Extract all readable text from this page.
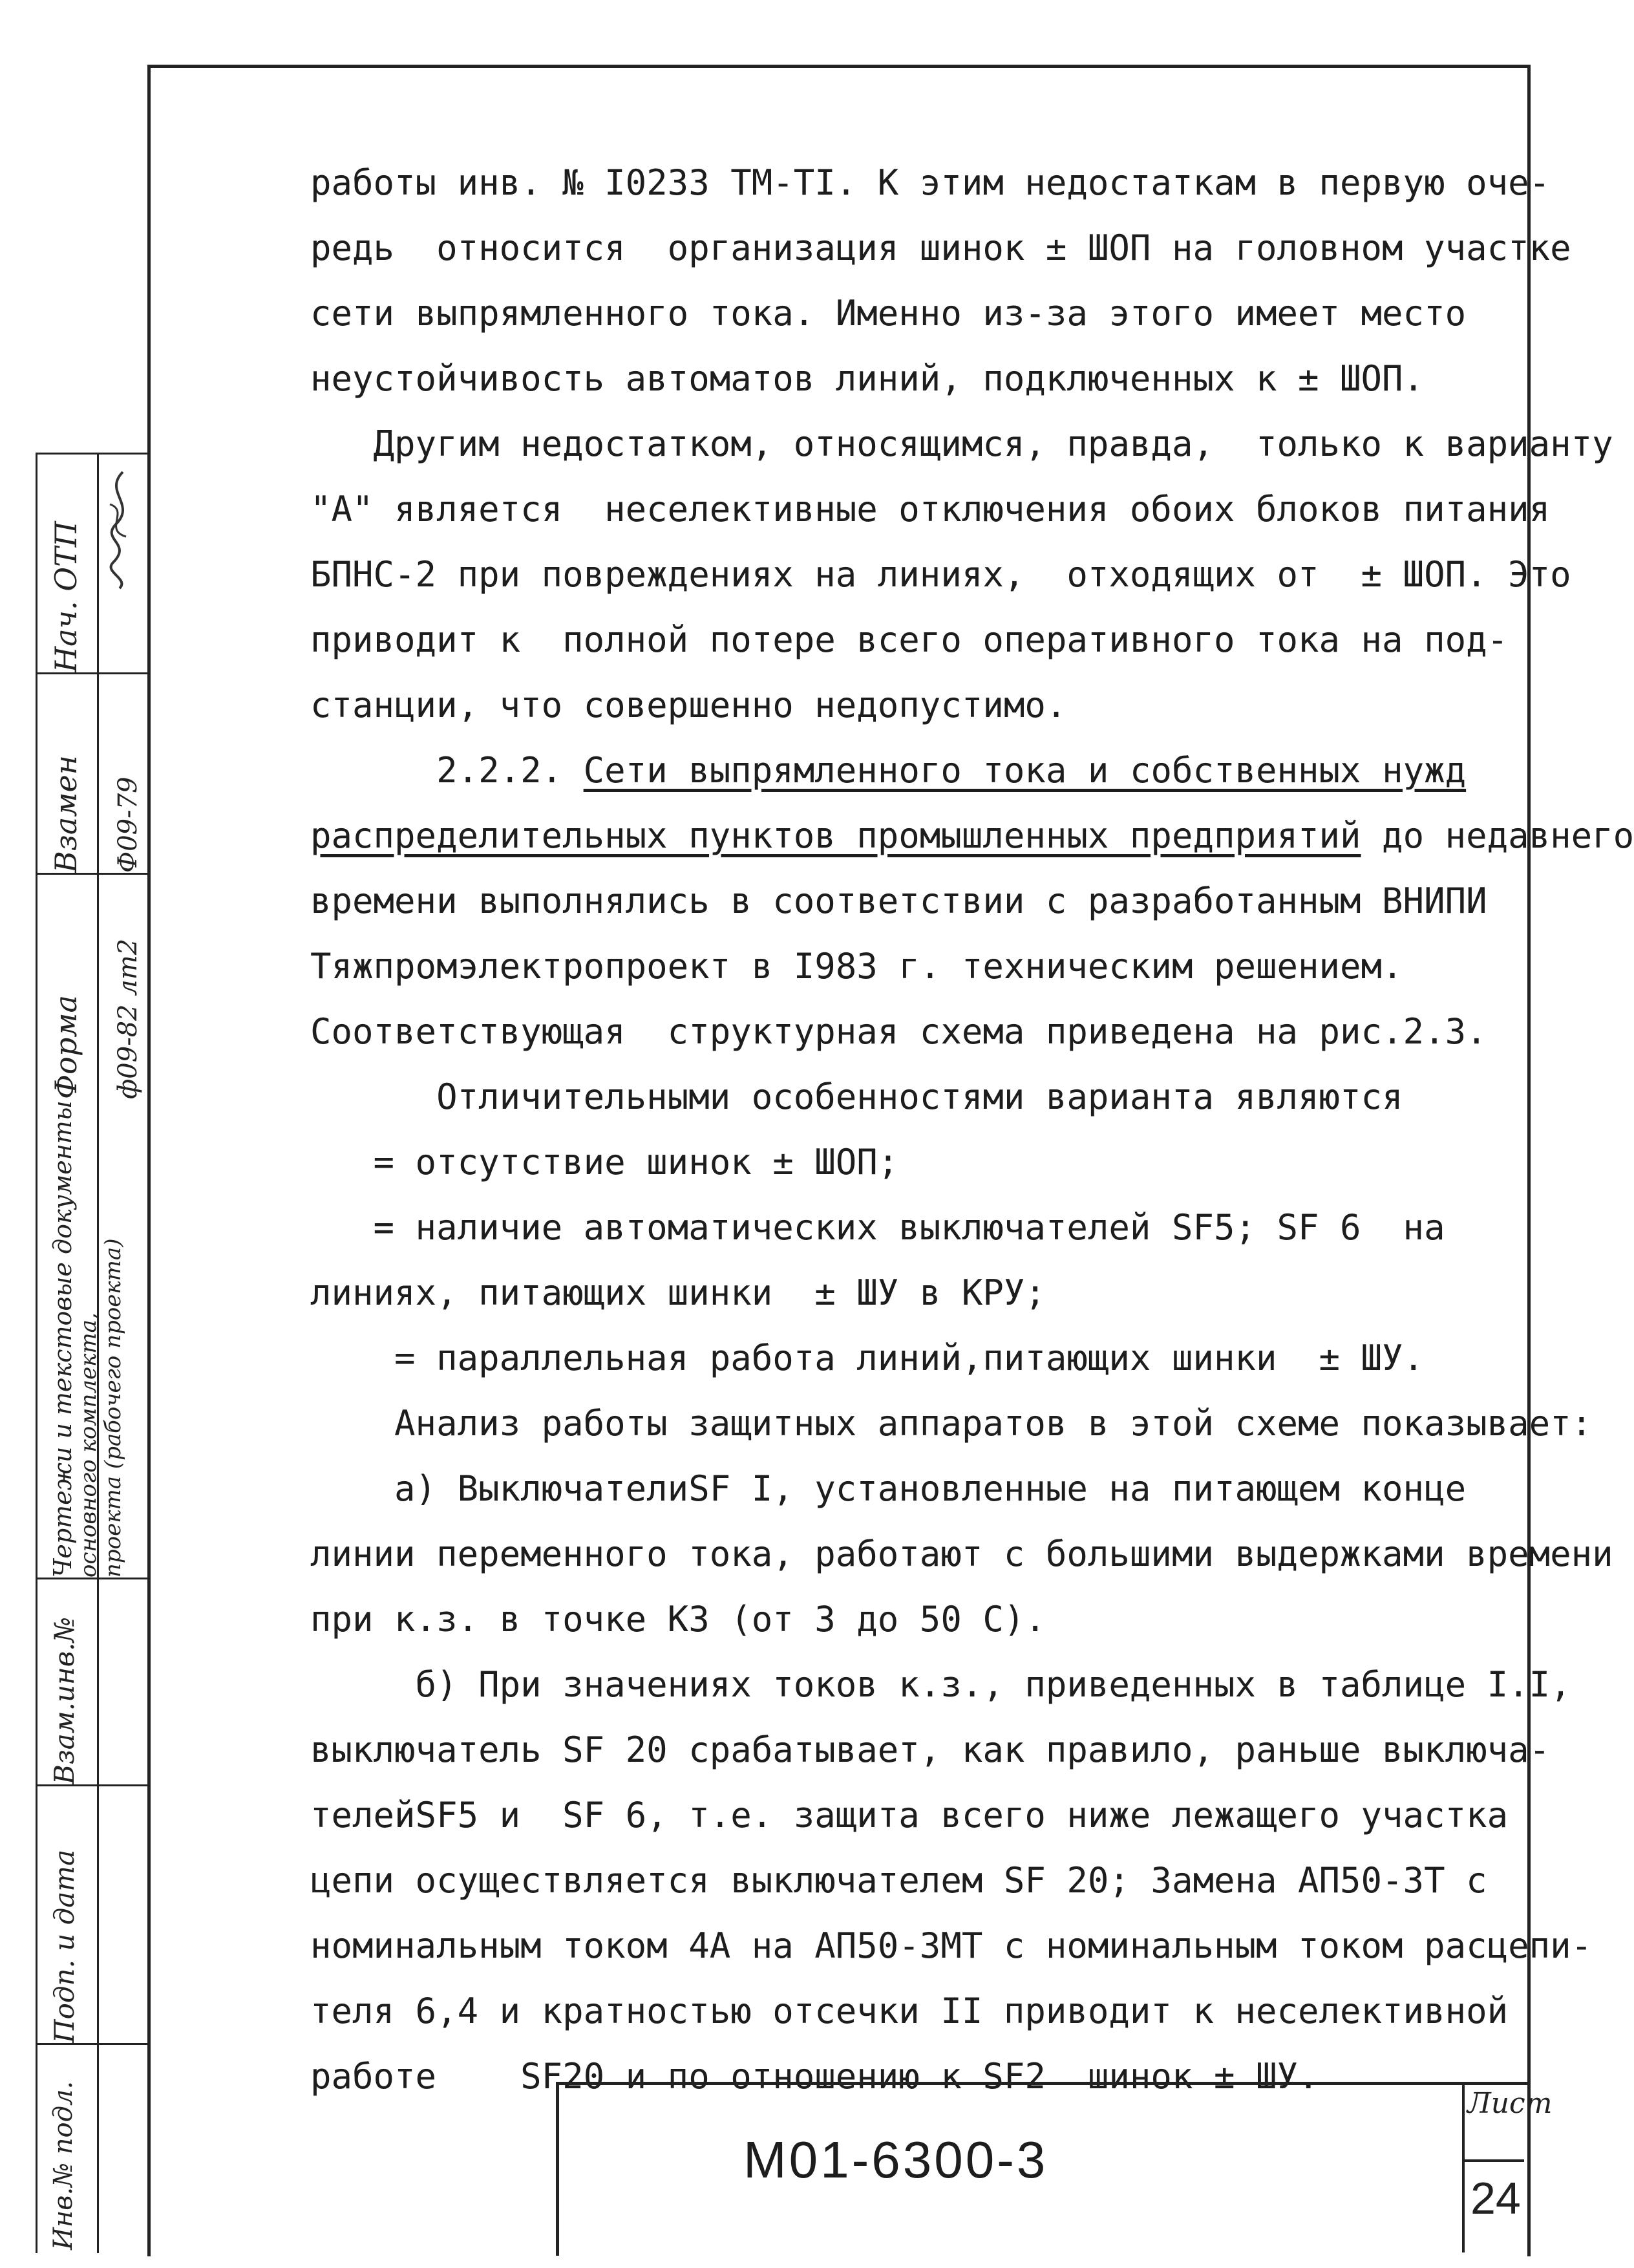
Нач. ОТП
Взамен Ф09-79
Форма ф09-82 лт2
Чертежи и текстовые документы
основного комплекта,
проекта (рабочего проекта)
Взам.инв.№
Подп. и дата
Инв.№ подл.
работы инв. № I0233 ТМ-ТI. К этим недостаткам в первую оче-
редь  относится  организация шинок ± ШОП на головном участке
сети выпрямленного тока. Именно из-за этого имеет место
неустойчивость автоматов линий, подключенных к ± ШОП.
Другим недостатком, относящимся, правда,  только к варианту
"А" является  неселективные отключения обоих блоков питания
БПНС-2 при повреждениях на линиях,  отходящих от  ± ШОП. Это
приводит к  полной потере всего оперативного тока на под-
станции, что совершенно недопустимо.
2.2.2. Сети выпрямленного тока и собственных нужд
распределительных пунктов промышленных предприятий до недавнего
времени выполнялись в соответствии с разработанным ВНИПИ
Тяжпромэлектропроект в I983 г. техническим решением.
Соответствующая  структурная схема приведена на рис.2.3.
Отличительными особенностями варианта являются
= отсутствие шинок ± ШОП;
= наличие автоматических выключателей SF5; SF 6  на
линиях, питающих шинки  ± ШУ в КРУ;
= параллельная работа линий,питающих шинки  ± ШУ.
Анализ работы защитных аппаратов в этой схеме показывает:
а) ВыключателиSF I, установленные на питающем конце
линии переменного тока, работают с большими выдержками времени
при к.з. в точке КЗ (от 3 до 50 С).
б) При значениях токов к.з., приведенных в таблице I.I,
выключатель SF 20 срабатывает, как правило, раньше выключа-
телейSF5 и  SF 6, т.е. защита всего ниже лежащего участка
цепи осуществляется выключателем SF 20; Замена АП50-3Т с
номинальным током 4А на АП50-3МТ с номинальным током расцепи-
теля 6,4 и кратностью отсечки II приводит к неселективной
работе    SF20 и по отношению к SF2  шинок ± ШУ.
М01-6300-3
Лист
24
